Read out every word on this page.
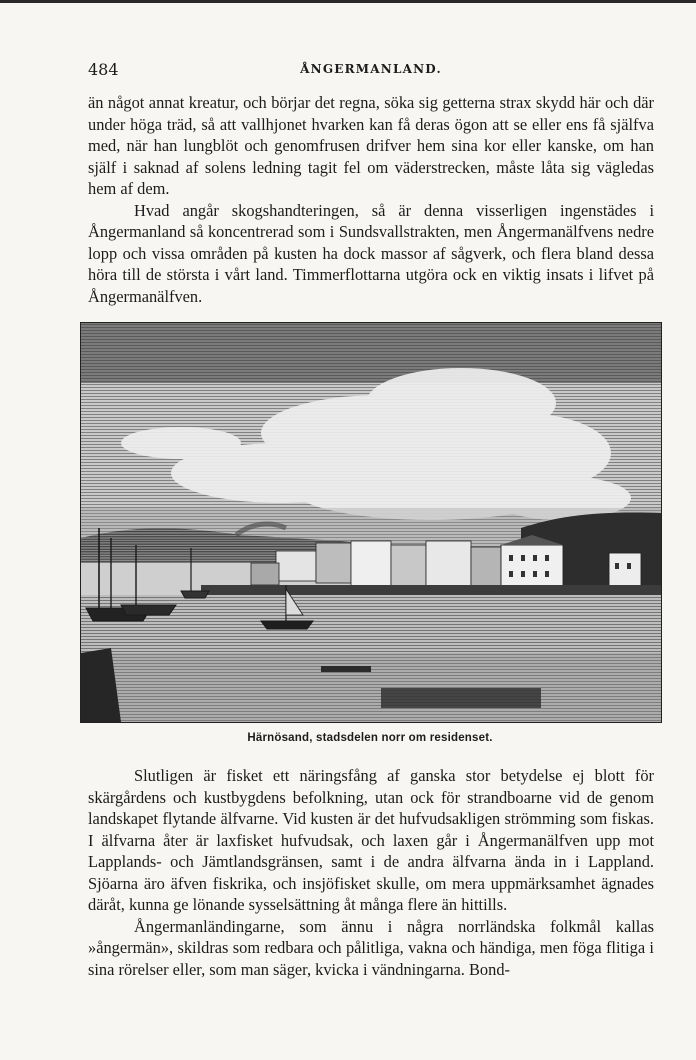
484	ÅNGERMANLAND.

än något annat kreatur, och börjar det regna, söka sig getterna strax skydd här och där under höga träd, så att vallhjonet hvarken kan få deras ögon att se eller ens få själfva med, när han lungblöt och genomfrusen drifver hem sina kor eller kanske, om han själf i saknad af solens ledning tagit fel om väderstrecken, måste låta sig vägledas hem af dem.

Hvad angår skogshandteringen, så är denna visserligen ingenstädes i Ångermanland så koncentrerad som i Sundsvallstrakten, men Ångermanälfvens nedre lopp och vissa områden på kusten ha dock massor af sågverk, och flera bland dessa höra till de största i vårt land. Timmerflottarna utgöra ock en viktig insats i lifvet på Ångermanälfven.

Härnösand, stadsdelen norr om residenset.

Slutligen är fisket ett näringsfång af ganska stor betydelse ej blott för skärgårdens och kustbygdens befolkning, utan ock för strandboarne vid de genom landskapet flytande älfvarne. Vid kusten är det hufvudsakligen strömming som fiskas. I älfvarna åter är laxfisket hufvudsak, och laxen går i Ångermanälfven upp mot Lapplands- och Jämtlandsgränsen, samt i de andra älfvarna ända in i Lappland. Sjöarna äro äfven fiskrika, och insjöfisket skulle, om mera uppmärksamhet ägnades däråt, kunna ge lönande sysselsättning åt många flere än hittills.

Ångermanländingarne, som ännu i några norrländska folkmål kallas »ångermän», skildras som redbara och pålitliga, vakna och händiga, men föga flitiga i sina rörelser eller, som man säger, kvicka i vändningarna. Bond-
